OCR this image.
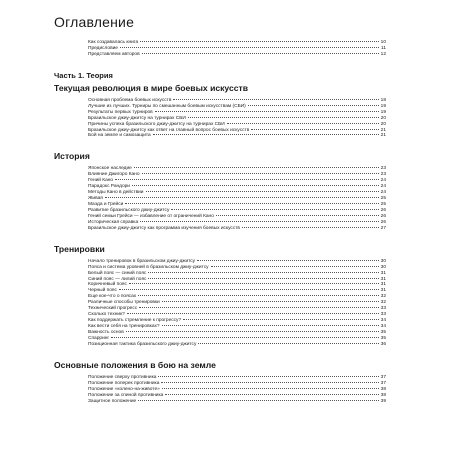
Оглавление
Как создавалась книга	10
Предисловие	11
Представляем авторов	12
Часть 1. Теория
Текущая революция в мире боевых искусств
Основная проблема боевых искусств	18
Лучшие из лучших. Турниры по смешанным боевым искусствам (СБИ)	19
Результаты первых турниров	19
Бразильское джиу-джитсу на турнирах СБИ	20
Причины успеха бразильского джиу-джитсу на турнирах СБИ	20
Бразильское джиу-джитсу как ответ на главный вопрос боевых искусств	21
Бой на земле и самозащита	21
История
Японское наследие	23
Влияние Джигоро Кано	23
Гений Кано	24
Парадокс Рандори	24
Методы Кано в действии	24
Живая	25
Маэда и Грейси	25
Развитие бразильского джиу-джитсу	26
Гений семьи Грейси — избавление от ограничений Кано	26
Историческая справка	26
Бразильское джиу-джитсу как программа изучения боевых искусств	27
Тренировки
Начало тренировок в бразильском джиу-джитсу	30
Пояса и система уровней в бразильском джиу-джитсу	30
Белый пояс — синий пояс	31
Синий пояс — лилий пояс	31
Коричневый пояс	31
Черный пояс	31
Еще кое-что о поясах	32
Различные способы тренировки	32
Технический прогресс	33
Сколько техник?	33
Как поддержать стремление к прогрессу?	34
Как вести себя на тренировках?	34
Важность основ	35
Спарринг	35
Позиционная тактика бразильского джиу-джитсу	36
Основные положения в бою на земле
Положение сверху противника	37
Положение поперек противника	37
Положение «колено-на-животе»	38
Положение за спиной противника	38
Защитное положение	39
